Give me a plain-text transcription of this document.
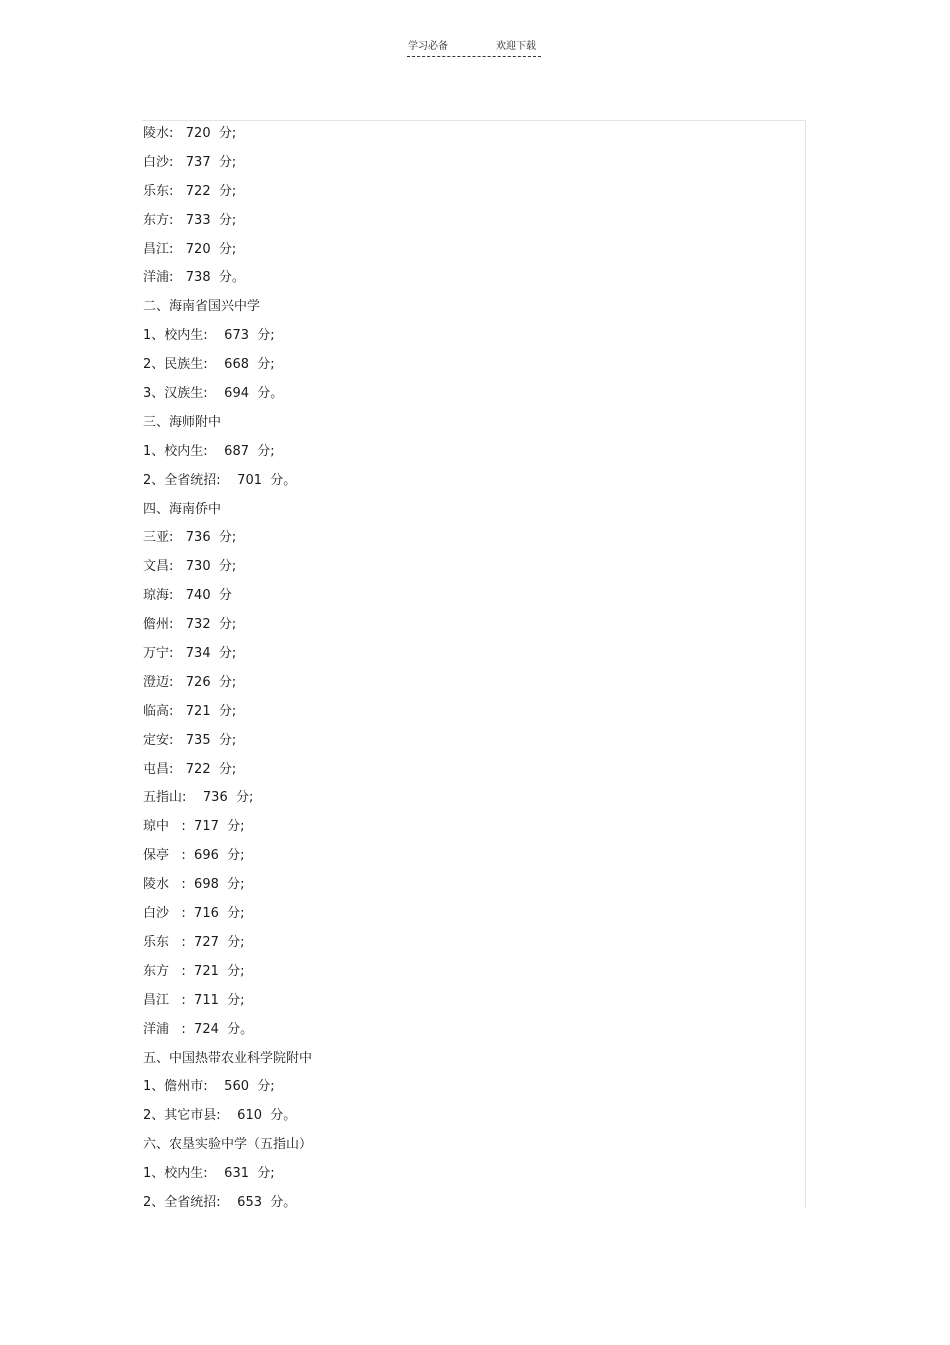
学习必备	欢迎下载
陵水:   720  分;
白沙:   737  分;
乐东:   722  分;
东方:   733  分;
昌江:   720  分;
洋浦:   738  分。
二、海南省国兴中学
1、校内生:    673  分;
2、民族生:    668  分;
3、汉族生:    694  分。
三、海师附中
1、校内生:    687  分;
2、全省统招:    701  分。
四、海南侨中
三亚:   736  分;
文昌:   730  分;
琼海:   740  分
儋州:   732  分;
万宁:   734  分;
澄迈:   726  分;
临高:   721  分;
定安:   735  分;
屯昌:   722  分;
五指山:    736  分;
琼中   :  717  分;
保亭   :  696  分;
陵水   :  698  分;
白沙   :  716  分;
乐东   :  727  分;
东方   :  721  分;
昌江   :  711  分;
洋浦   :  724  分。
五、中国热带农业科学院附中
1、儋州市:    560  分;
2、其它市县:    610  分。
六、农垦实验中学（五指山）
1、校内生:    631  分;
2、全省统招:    653  分。
